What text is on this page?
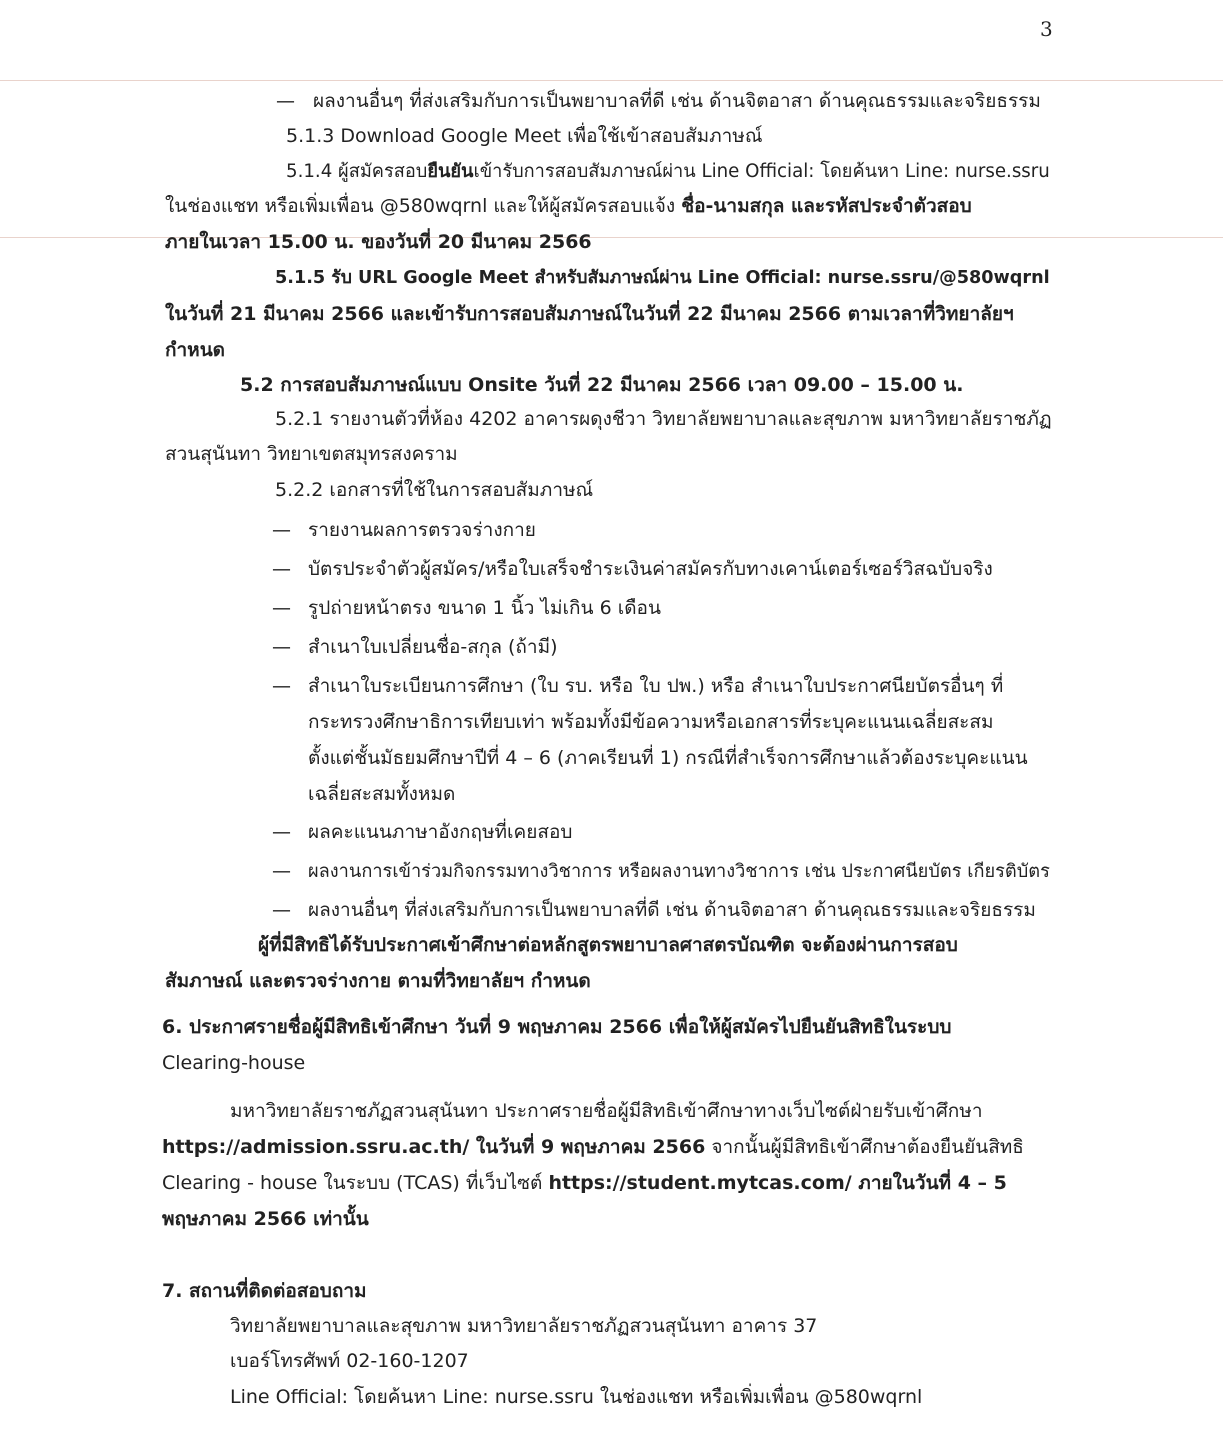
3
— ผลงานอื่นๆ ที่ส่งเสริมกับการเป็นพยาบาลที่ดี เช่น ด้านจิตอาสา ด้านคุณธรรมและจริยธรรม
5.1.3 Download Google Meet เพื่อใช้เข้าสอบสัมภาษณ์
5.1.4 ผู้สมัครสอบยืนยันเข้ารับการสอบสัมภาษณ์ผ่าน Line Official: โดยค้นหา Line: nurse.ssru
ในช่องแชท หรือเพิ่มเพื่อน @580wqrnl และให้ผู้สมัครสอบแจ้ง ชื่อ-นามสกุล และรหัสประจำตัวสอบ
ภายในเวลา 15.00 น. ของวันที่ 20 มีนาคม 2566
5.1.5 รับ URL Google Meet สำหรับสัมภาษณ์ผ่าน Line Official: nurse.ssru/@580wqrnl
ในวันที่ 21 มีนาคม 2566 และเข้ารับการสอบสัมภาษณ์ในวันที่ 22 มีนาคม 2566 ตามเวลาที่วิทยาลัยฯ
กำหนด
5.2 การสอบสัมภาษณ์แบบ Onsite วันที่ 22 มีนาคม 2566 เวลา 09.00 – 15.00 น.
5.2.1 รายงานตัวที่ห้อง 4202 อาคารผดุงชีวา วิทยาลัยพยาบาลและสุขภาพ มหาวิทยาลัยราชภัฏ
สวนสุนันทา วิทยาเขตสมุทรสงคราม
5.2.2 เอกสารที่ใช้ในการสอบสัมภาษณ์
— รายงานผลการตรวจร่างกาย
— บัตรประจำตัวผู้สมัคร/หรือใบเสร็จชำระเงินค่าสมัครกับทางเคาน์เตอร์เซอร์วิสฉบับจริง
— รูปถ่ายหน้าตรง ขนาด 1 นิ้ว ไม่เกิน 6 เดือน
— สำเนาใบเปลี่ยนชื่อ-สกุล (ถ้ามี)
— สำเนาใบระเบียนการศึกษา (ใบ รบ. หรือ ใบ ปพ.) หรือ สำเนาใบประกาศนียบัตรอื่นๆ ที่
กระทรวงศึกษาธิการเทียบเท่า พร้อมทั้งมีข้อความหรือเอกสารที่ระบุคะแนนเฉลี่ยสะสม
ตั้งแต่ชั้นมัธยมศึกษาปีที่ 4 – 6 (ภาคเรียนที่ 1) กรณีที่สำเร็จการศึกษาแล้วต้องระบุคะแนน
เฉลี่ยสะสมทั้งหมด
— ผลคะแนนภาษาอังกฤษที่เคยสอบ
— ผลงานการเข้าร่วมกิจกรรมทางวิชาการ หรือผลงานทางวิชาการ เช่น ประกาศนียบัตร เกียรติบัตร
— ผลงานอื่นๆ ที่ส่งเสริมกับการเป็นพยาบาลที่ดี เช่น ด้านจิตอาสา ด้านคุณธรรมและจริยธรรม
ผู้ที่มีสิทธิได้รับประกาศเข้าศึกษาต่อหลักสูตรพยาบาลศาสตรบัณฑิต จะต้องผ่านการสอบ
สัมภาษณ์ และตรวจร่างกาย ตามที่วิทยาลัยฯ กำหนด
6. ประกาศรายชื่อผู้มีสิทธิเข้าศึกษา วันที่ 9 พฤษภาคม 2566 เพื่อให้ผู้สมัครไปยืนยันสิทธิในระบบ
Clearing-house
มหาวิทยาลัยราชภัฏสวนสุนันทา ประกาศรายชื่อผู้มีสิทธิเข้าศึกษาทางเว็บไซต์ฝ่ายรับเข้าศึกษา
https://admission.ssru.ac.th/ ในวันที่ 9 พฤษภาคม 2566 จากนั้นผู้มีสิทธิเข้าศึกษาต้องยืนยันสิทธิ
Clearing - house ในระบบ (TCAS) ที่เว็บไซต์ https://student.mytcas.com/ ภายในวันที่ 4 – 5
พฤษภาคม 2566 เท่านั้น
7. สถานที่ติดต่อสอบถาม
วิทยาลัยพยาบาลและสุขภาพ มหาวิทยาลัยราชภัฏสวนสุนันทา อาคาร 37
เบอร์โทรศัพท์ 02-160-1207
Line Official: โดยค้นหา Line: nurse.ssru ในช่องแชท หรือเพิ่มเพื่อน @580wqrnl
